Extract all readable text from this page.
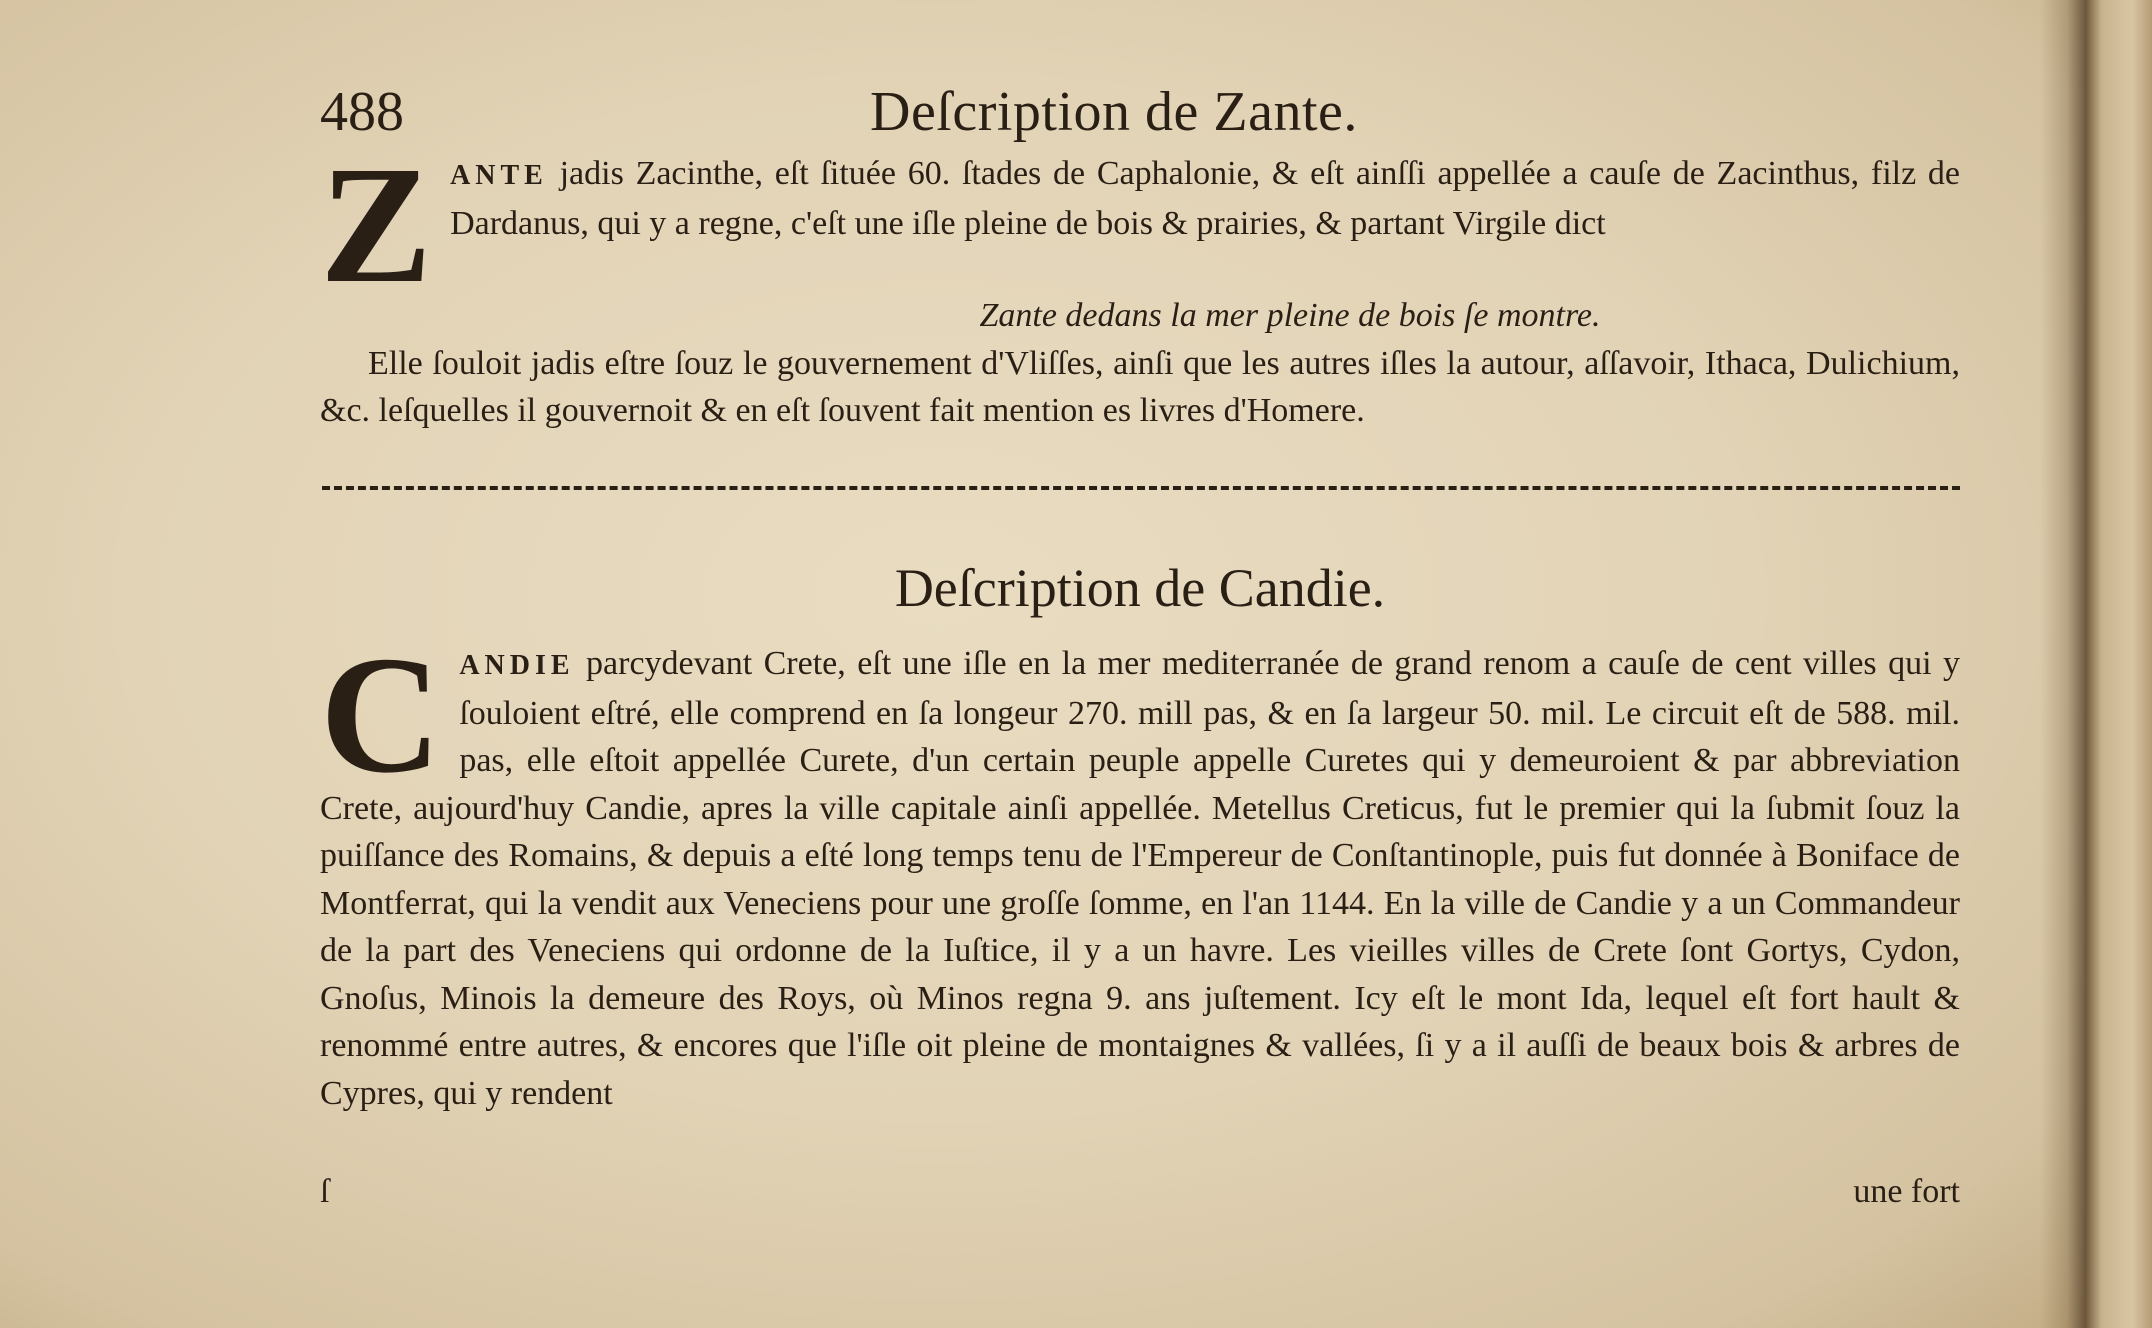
488	Deſcription de Zante.
Z ANTE jadis Zacinthe, eſt ſituée 60. ſtades de Caphalonie, & eſt ainſſi appellée a cauſe de Zacinthus, filz de Dardanus, qui y a regne, c'eſt une iſle pleine de bois & prairies, & partant Virgile dict

Zante dedans la mer pleine de bois ſe montre.

Elle ſouloit jadis eſtre ſouz le gouvernement d'Vliſſes, ainſi que les autres iſles la autour, aſſavoir, Ithaca, Dulichium, &c. leſquelles il gouvernoit & en eſt ſouvent fait mention es livres d'Homere.

Deſcription de Candie.
C ANDIE parcydevant Crete, eſt une iſle en la mer mediterranée de grand renom a cauſe de cent villes qui y ſouloient eſtré, elle comprend en ſa longeur 270. mill pas, & en ſa largeur 50. mil. Le circuit eſt de 588. mil. pas, elle eſtoit appellée Curete, d'un certain peuple appelle Curetes qui y demeuroient & par abbreviation Crete, aujourd'huy Candie, apres la ville capitale ainſi appellée. Metellus Creticus, fut le premier qui la ſubmit ſouz la puiſſance des Romains, & depuis a eſté long temps tenu de l'Empereur de Conſtantinople, puis fut donnée à Boniface de Montferrat, qui la vendit aux Veneciens pour une groſſe ſomme, en l'an 1144. En la ville de Candie y a un Commandeur de la part des Veneciens qui ordonne de la Iuſtice, il y a un havre. Les vieilles villes de Crete ſont Gortys, Cydon, Gnoſus, Minois la demeure des Roys, où Minos regna 9. ans juſtement. Icy eſt le mont Ida, lequel eſt fort hault & renommé entre autres, & encores que l'iſle oit pleine de montaignes & vallées, ſi y a il auſſi de beaux bois & arbres de Cypres, qui y rendent

ſ	une fort
